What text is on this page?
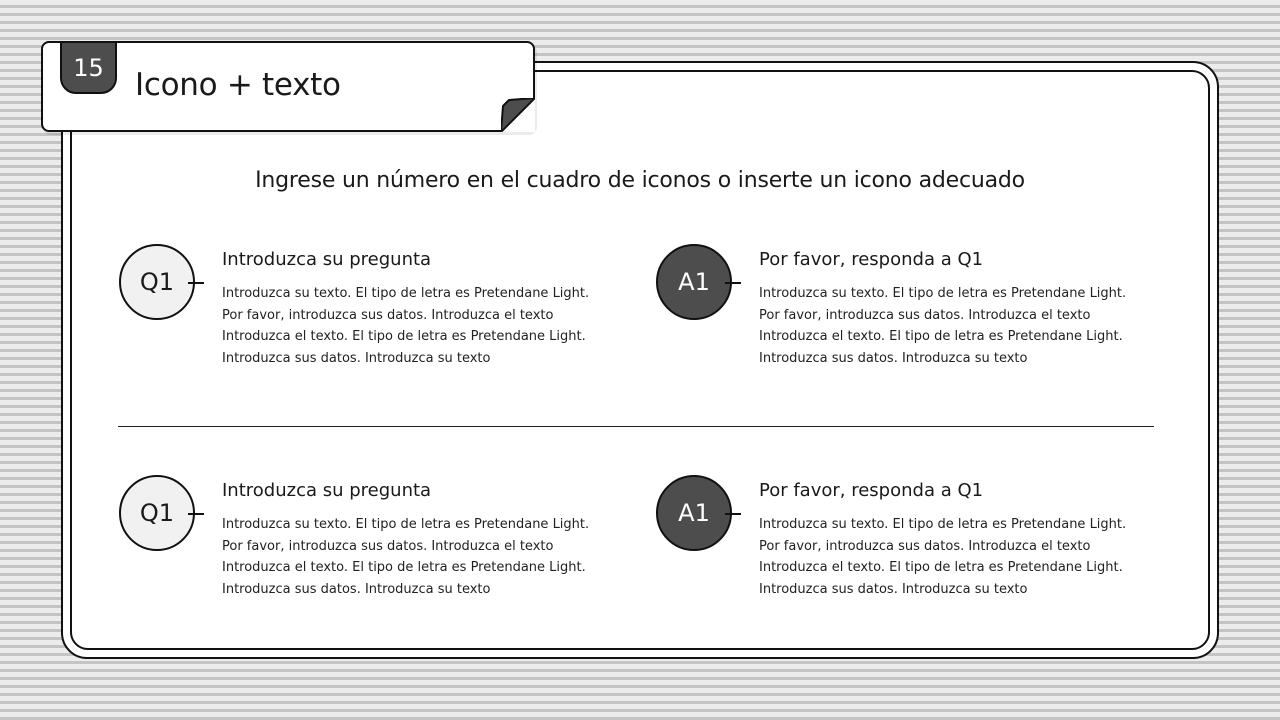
15	Icono + texto
Ingrese un número en el cuadro de iconos o inserte un icono adecuado
Q1
Introduzca su pregunta
Introduzca su texto. El tipo de letra es Pretendane Light.
Por favor, introduzca sus datos. Introduzca el texto
Introduzca el texto. El tipo de letra es Pretendane Light.
Introduzca sus datos. Introduzca su texto
A1
Por favor, responda a Q1
Introduzca su texto. El tipo de letra es Pretendane Light.
Por favor, introduzca sus datos. Introduzca el texto
Introduzca el texto. El tipo de letra es Pretendane Light.
Introduzca sus datos. Introduzca su texto
Q1
Introduzca su pregunta
Introduzca su texto. El tipo de letra es Pretendane Light.
Por favor, introduzca sus datos. Introduzca el texto
Introduzca el texto. El tipo de letra es Pretendane Light.
Introduzca sus datos. Introduzca su texto
A1
Por favor, responda a Q1
Introduzca su texto. El tipo de letra es Pretendane Light.
Por favor, introduzca sus datos. Introduzca el texto
Introduzca el texto. El tipo de letra es Pretendane Light.
Introduzca sus datos. Introduzca su texto
